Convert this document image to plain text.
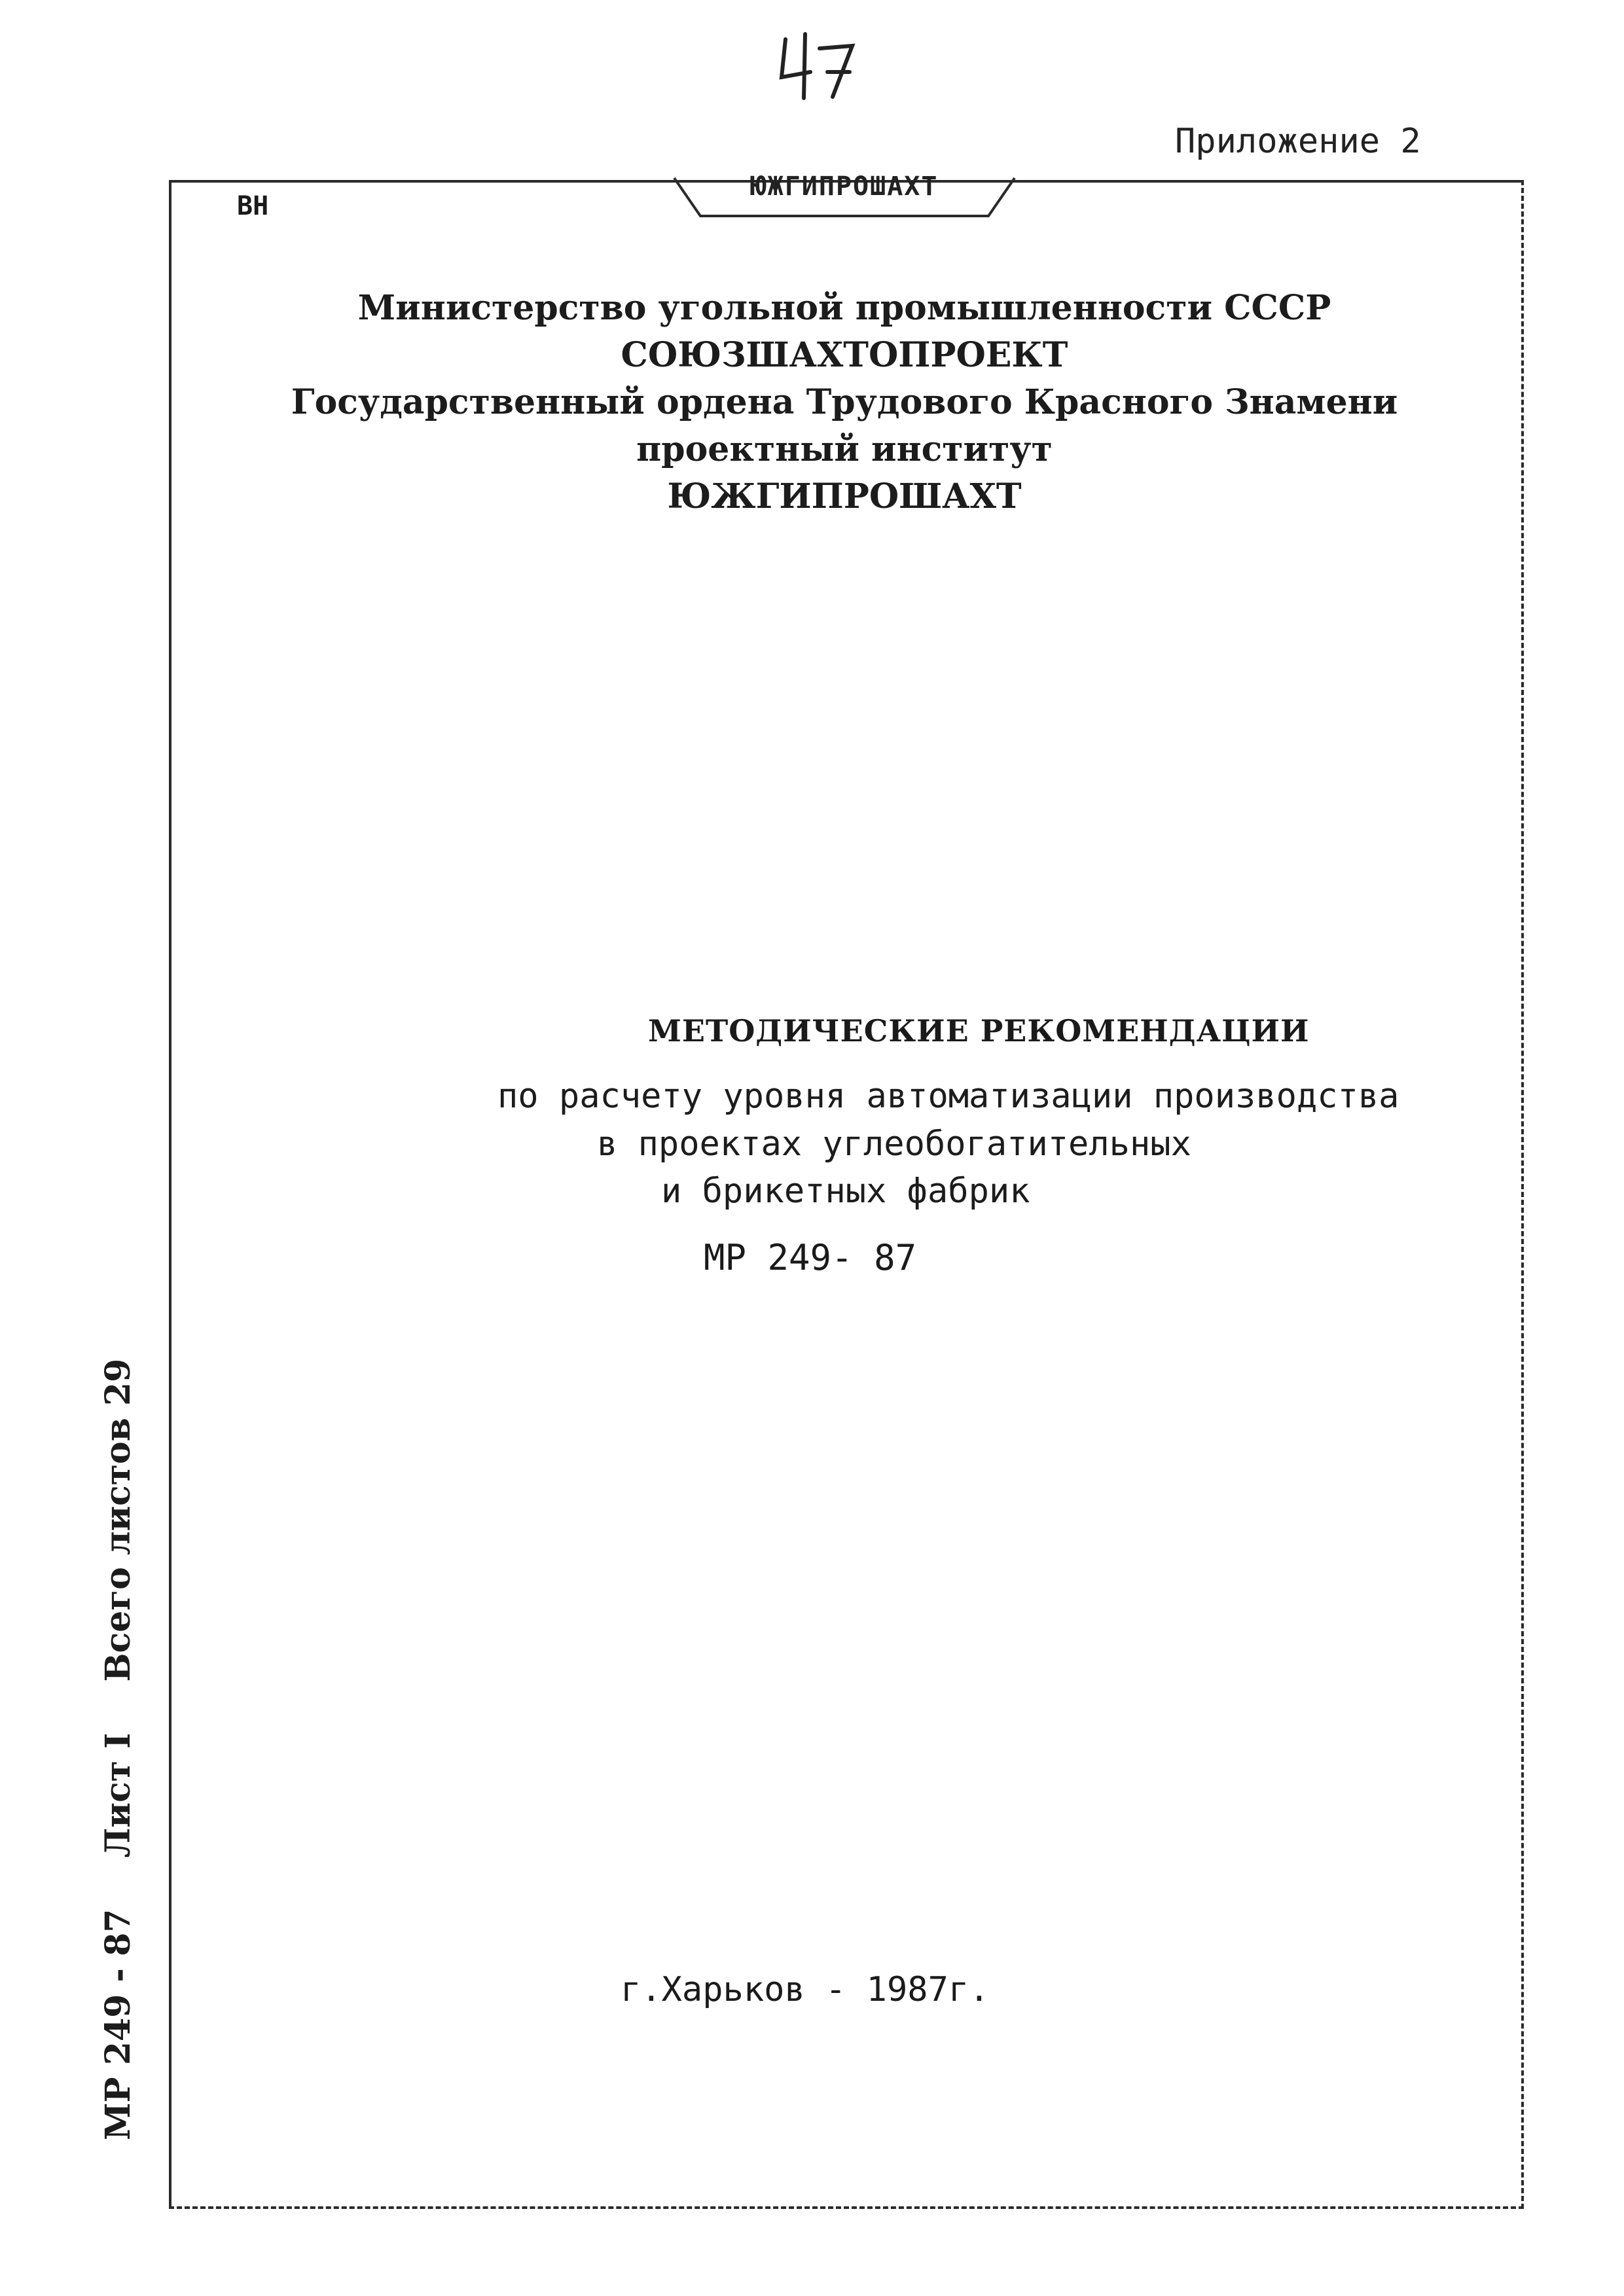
Приложение 2
ЮЖГИПРОШАХТ
ВН
Министерство угольной промышленности СССР
СОЮЗШАХТОПРОЕКТ
Государственный ордена Трудового Красного Знамени
проектный институт
ЮЖГИПРОШАХТ
МЕТОДИЧЕСКИЕ РЕКОМЕНДАЦИИ
по расчету уровня автоматизации производства
в проектах углеобогатительных
и брикетных фабрик
МР 249- 87
г.Харьков - 1987г.
МР 249 - 87 Лист I Всего листов 29
